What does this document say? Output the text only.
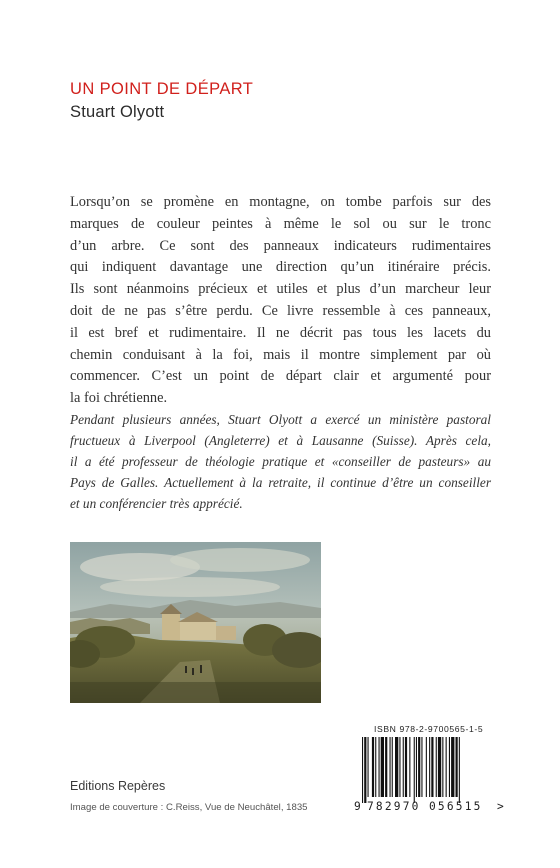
UN POINT DE DÉPART
Stuart Olyott
Lorsqu’on se promène en montagne, on tombe parfois sur des
marques de couleur peintes à même le sol ou sur le tronc
d’un arbre. Ce sont des panneaux indicateurs rudimentaires
qui indiquent davantage une direction qu’un itinéraire précis.
Ils sont néanmoins précieux et utiles et plus d’un marcheur leur
doit de ne pas s’être perdu. Ce livre ressemble à ces panneaux,
il est bref et rudimentaire. Il ne décrit pas tous les lacets du
chemin conduisant à la foi, mais il montre simplement par où
commencer. C’est un point de départ clair et argumenté pour
la foi chrétienne.
Pendant plusieurs années, Stuart Olyott a exercé un ministère pastoral
fructueux à Liverpool (Angleterre) et à Lausanne (Suisse). Après cela,
il a été professeur de théologie pratique et «conseiller de pasteurs» au
Pays de Galles. Actuellement à la retraite, il continue d’être un conseiller
et un conférencier très apprécié.
Editions Repères
Image de couverture : C.Reiss, Vue de Neuchâtel, 1835
ISBN 978-2-9700565-1-5
9 782970 056515 >
